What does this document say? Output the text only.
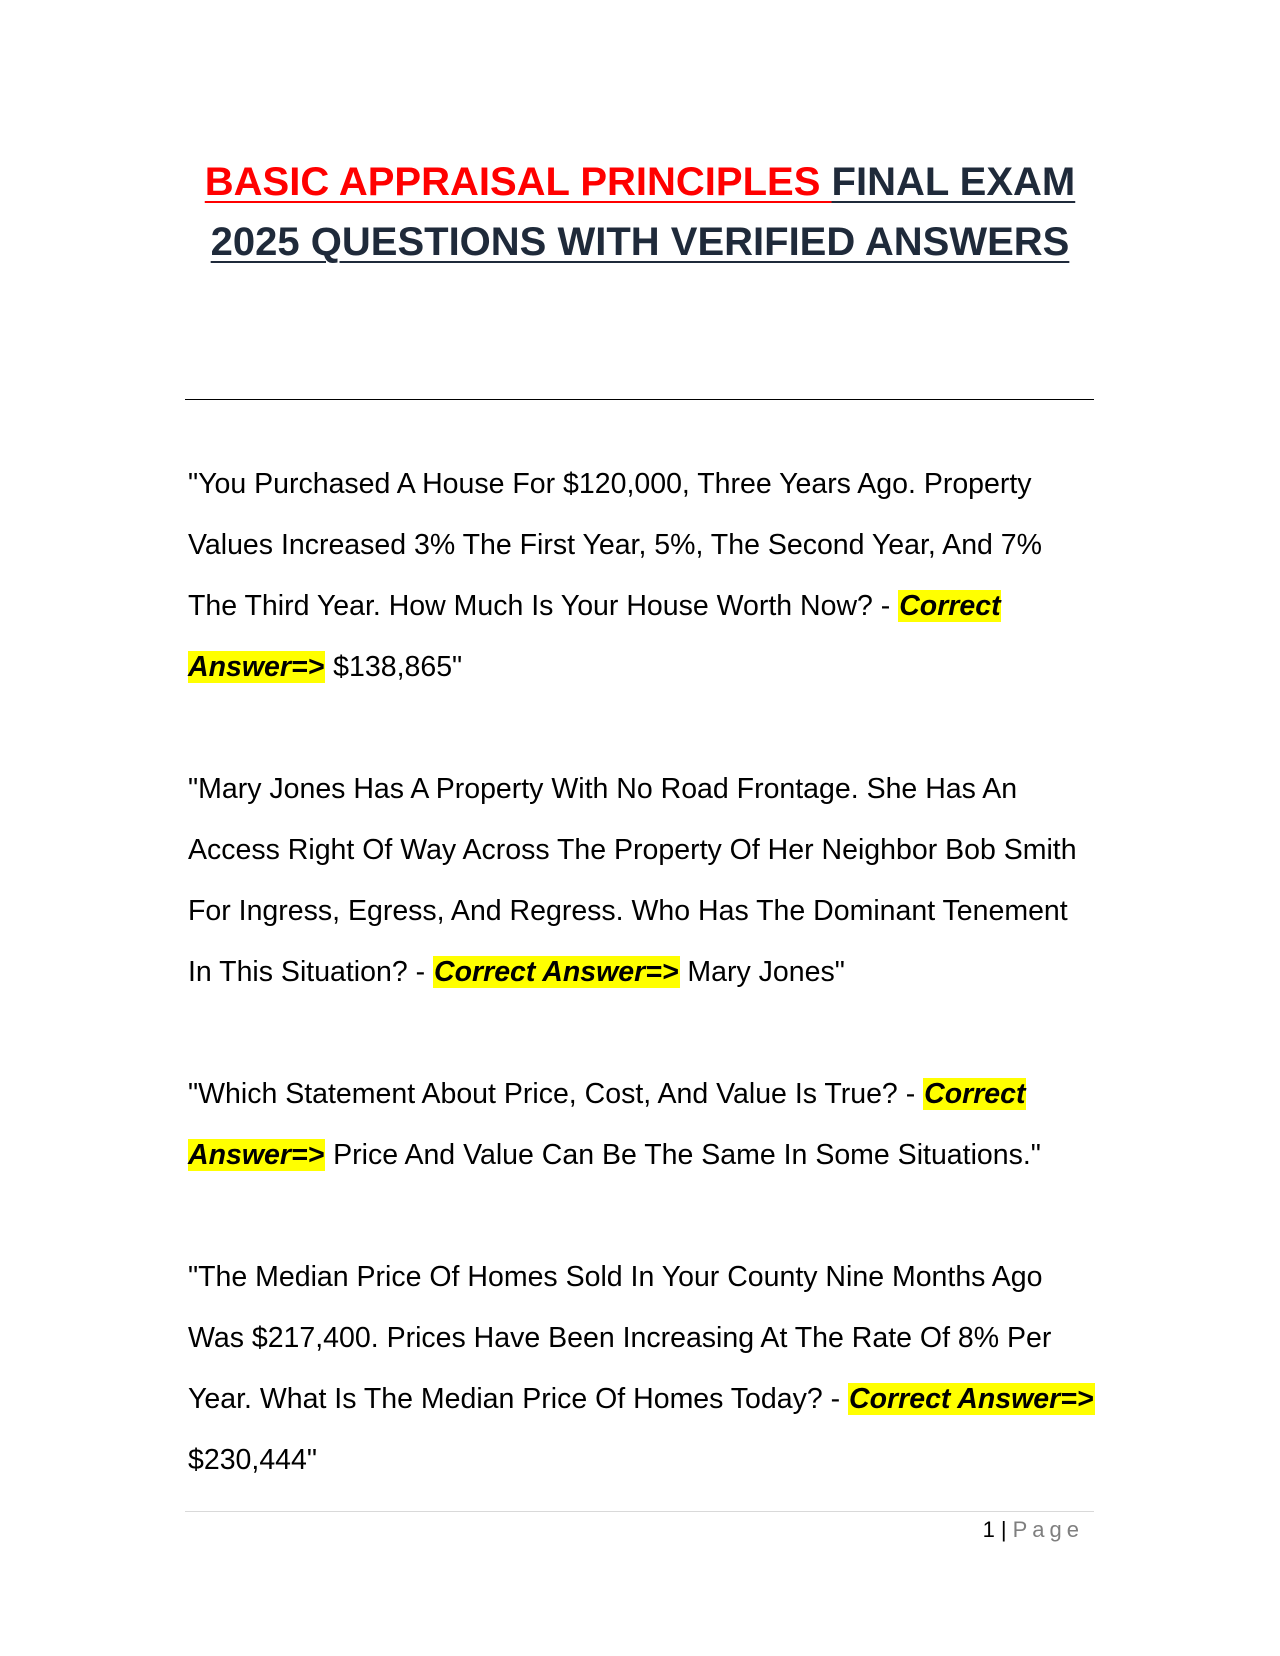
BASIC APPRAISAL PRINCIPLES FINAL EXAM 2025 QUESTIONS WITH VERIFIED ANSWERS

"You Purchased A House For $120,000, Three Years Ago. Property Values Increased 3% The First Year, 5%, The Second Year, And 7% The Third Year. How Much Is Your House Worth Now? - Correct Answer=> $138,865"

"Mary Jones Has A Property With No Road Frontage. She Has An Access Right Of Way Across The Property Of Her Neighbor Bob Smith For Ingress, Egress, And Regress. Who Has The Dominant Tenement In This Situation? - Correct Answer=> Mary Jones"

"Which Statement About Price, Cost, And Value Is True? - Correct Answer=> Price And Value Can Be The Same In Some Situations."

"The Median Price Of Homes Sold In Your County Nine Months Ago Was $217,400. Prices Have Been Increasing At The Rate Of 8% Per Year. What Is The Median Price Of Homes Today? - Correct Answer=> $230,444"

1 | Page
